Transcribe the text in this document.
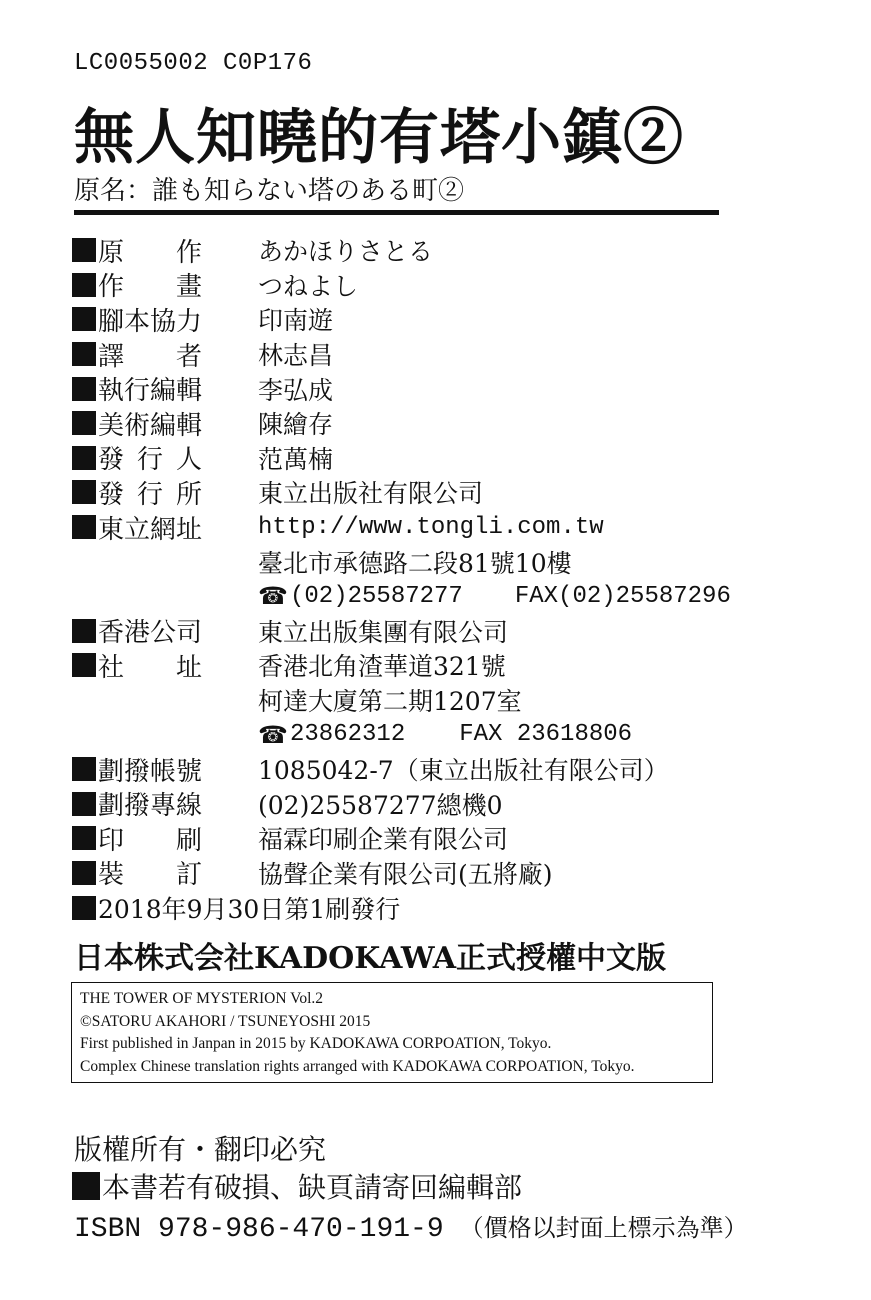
LC0055002 C0P176
無人知曉的有塔小鎮②
原名：誰も知らない塔のある町②
原 作 あかほりさとる
作 畫 つねよし
腳本協力	印南遊
譯 者 林志昌
執行編輯	李弘成
美術編輯	陳繪存
發 行 人 范萬楠
發 行 所 東立出版社有限公司
東立網址	http://www.tongli.com.tw
臺北市承德路二段81號10樓
☎ (02)25587277 FAX(02)25587296
香港公司	東立出版集團有限公司
社 址 香港北角渣華道321號
柯達大廈第二期1207室
☎ 23862312 FAX 23618806
劃撥帳號	1085042-7（東立出版社有限公司）
劃撥專線	(02)25587277總機0
印 刷 福霖印刷企業有限公司
裝 訂 協聲企業有限公司(五將廠)
2018年9月30日第1刷發行
日本株式会社KADOKAWA正式授權中文版
THE TOWER OF MYSTERION Vol.2
©SATORU AKAHORI / TSUNEYOSHI 2015
First published in Janpan in 2015 by KADOKAWA CORPOATION, Tokyo.
Complex Chinese translation rights arranged with KADOKAWA CORPOATION, Tokyo.
版權所有・翻印必究
本書若有破損、缺頁請寄回編輯部
ISBN 978-986-470-191-9 （價格以封面上標示為準）
